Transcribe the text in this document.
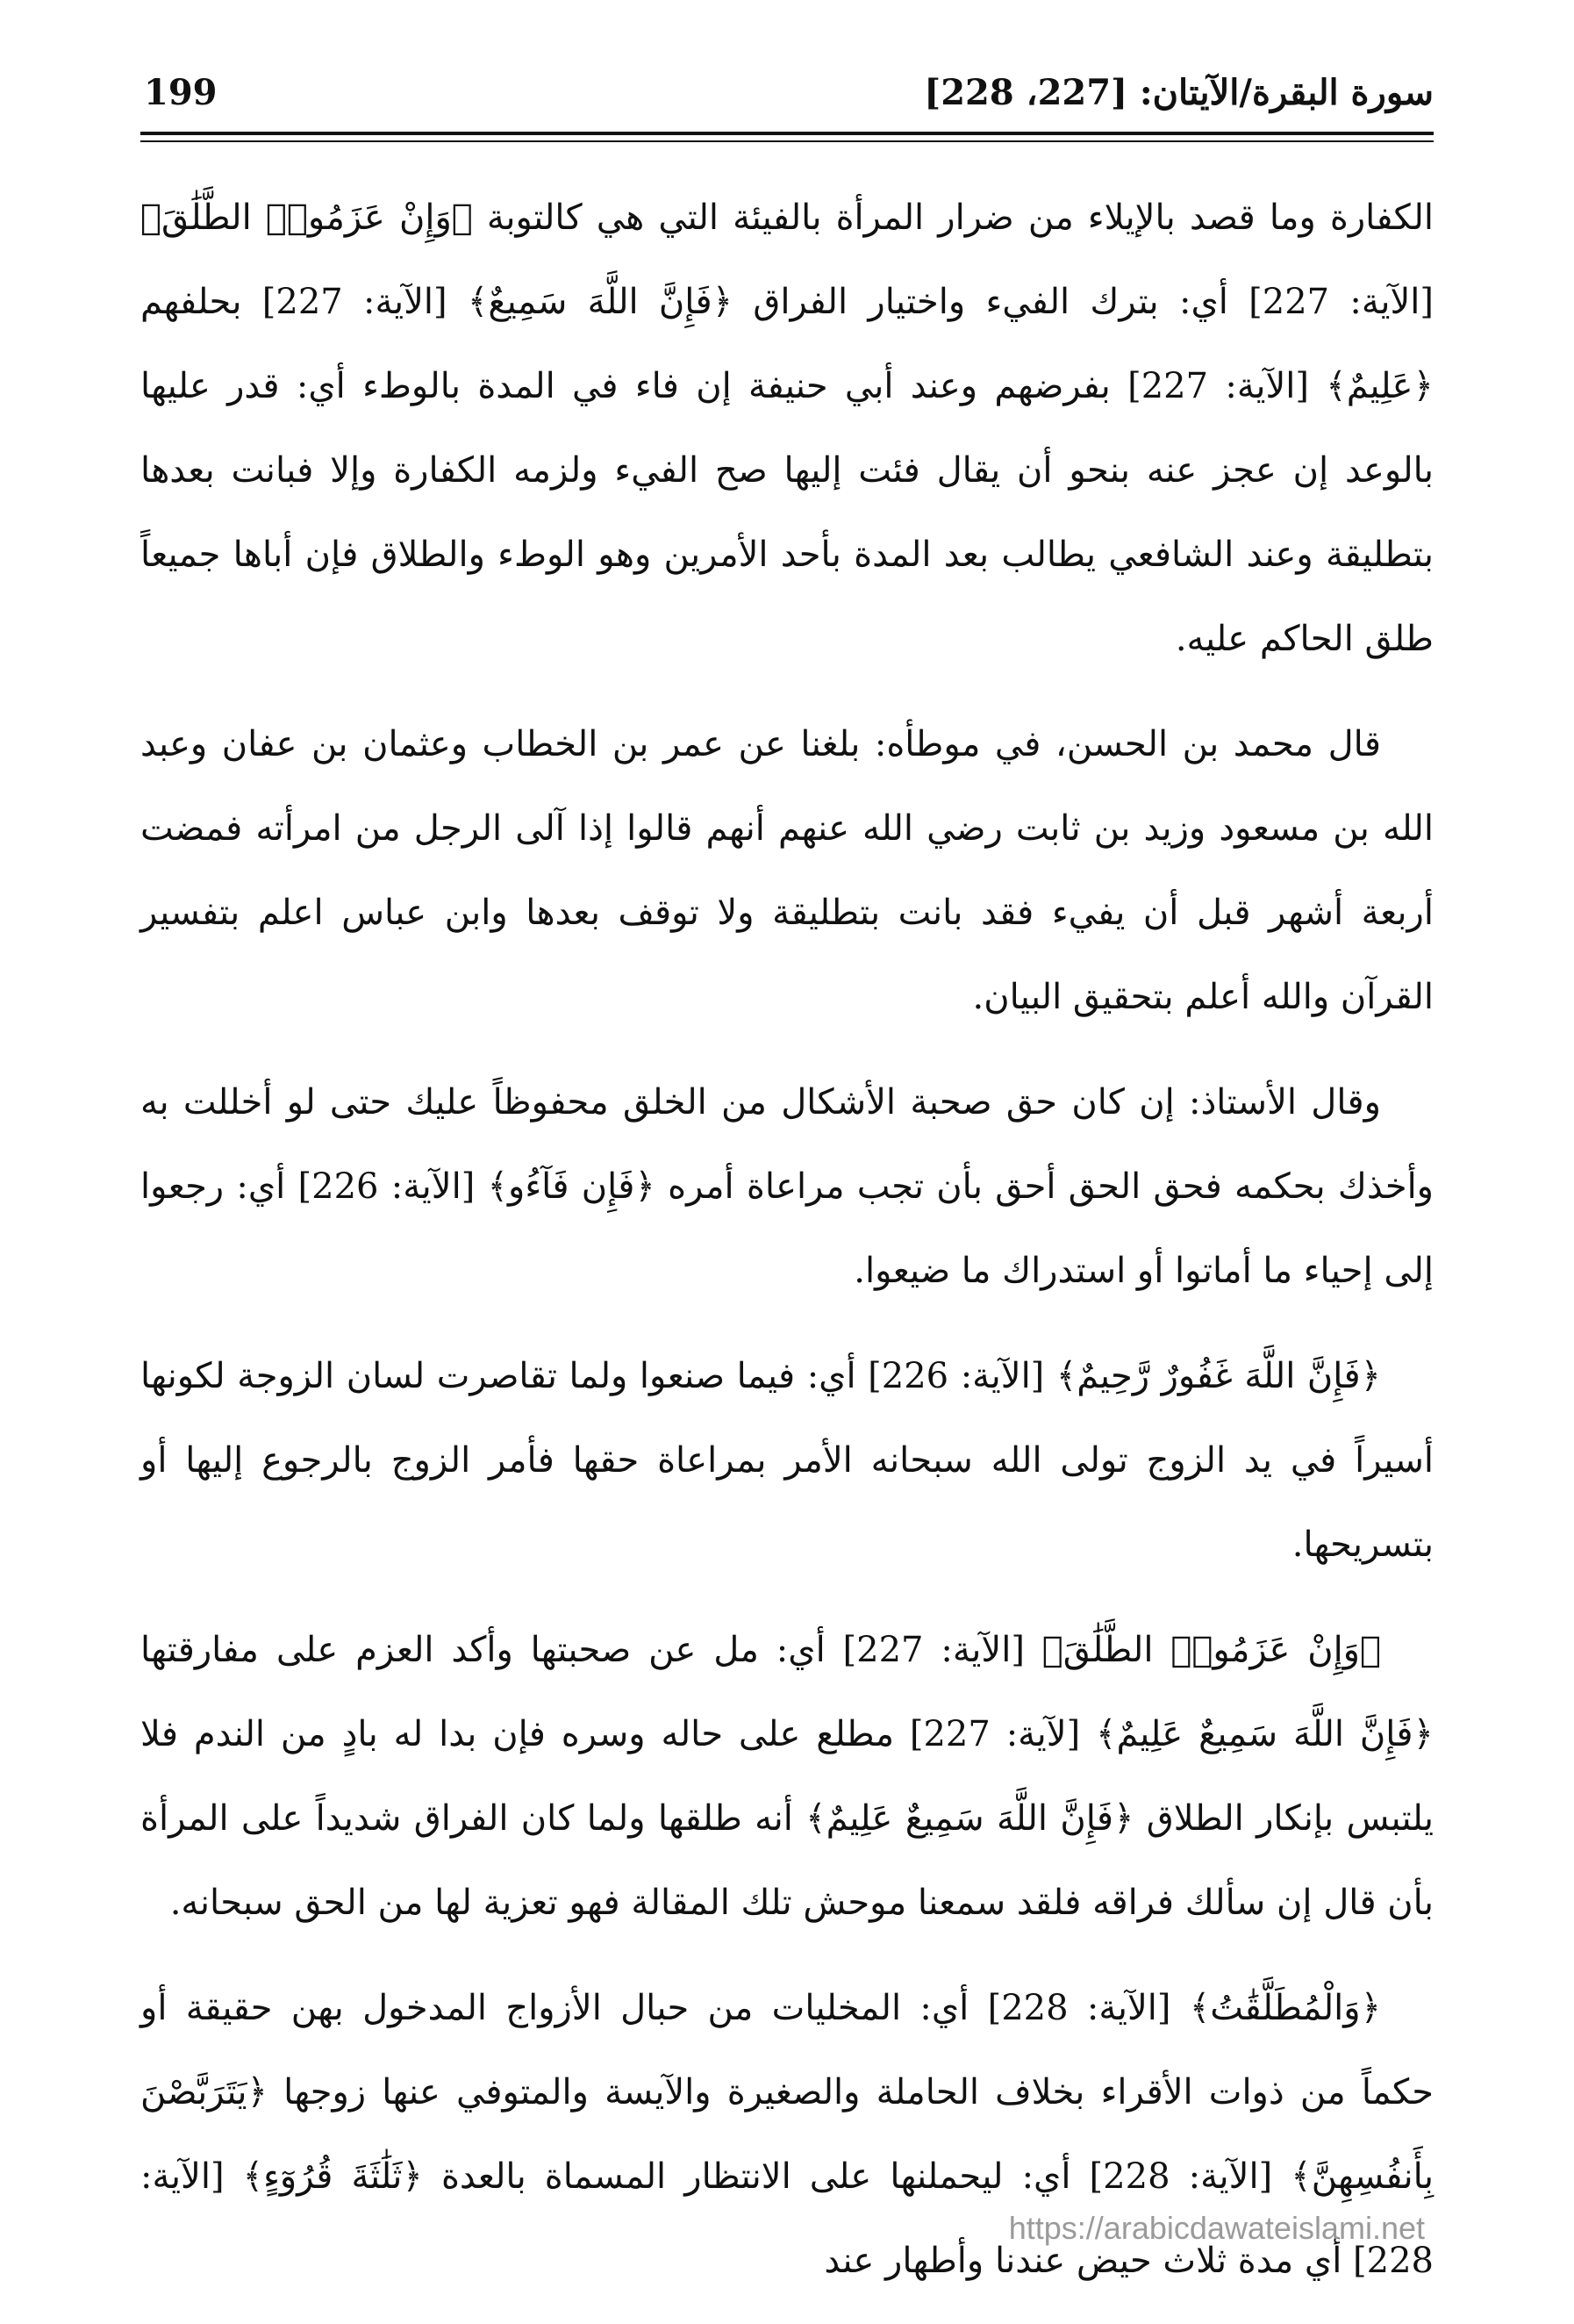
سورة البقرة/الآيتان: [227، 228]
199

الكفارة وما قصد بالإيلاء من ضرار المرأة بالفيئة التي هي كالتوبة ﴿وَإِنْ عَزَمُوا۟ الطَّلَٰقَ﴾ [الآية: 227] أي: بترك الفيء واختيار الفراق ﴿فَإِنَّ اللَّهَ سَمِيعٌ﴾ [الآية: 227] بحلفهم ﴿عَلِيمٌ﴾ [الآية: 227] بفرضهم وعند أبي حنيفة إن فاء في المدة بالوطء أي: قدر عليها بالوعد إن عجز عنه بنحو أن يقال فئت إليها صح الفيء ولزمه الكفارة وإلا فبانت بعدها بتطليقة وعند الشافعي يطالب بعد المدة بأحد الأمرين وهو الوطء والطلاق فإن أباها جميعاً طلق الحاكم عليه.

قال محمد بن الحسن، في موطأه: بلغنا عن عمر بن الخطاب وعثمان بن عفان وعبد الله بن مسعود وزيد بن ثابت رضي الله عنهم أنهم قالوا إذا آلى الرجل من امرأته فمضت أربعة أشهر قبل أن يفيء فقد بانت بتطليقة ولا توقف بعدها وابن عباس اعلم بتفسير القرآن والله أعلم بتحقيق البيان.

وقال الأستاذ: إن كان حق صحبة الأشكال من الخلق محفوظاً عليك حتى لو أخللت به وأخذك بحكمه فحق الحق أحق بأن تجب مراعاة أمره ﴿فَإِن فَآءُو﴾ [الآية: 226] أي: رجعوا إلى إحياء ما أماتوا أو استدراك ما ضيعوا.

﴿فَإِنَّ اللَّهَ غَفُورٌ رَّحِيمٌ﴾ [الآية: 226] أي: فيما صنعوا ولما تقاصرت لسان الزوجة لكونها أسيراً في يد الزوج تولى الله سبحانه الأمر بمراعاة حقها فأمر الزوج بالرجوع إليها أو بتسريحها.

﴿وَإِنْ عَزَمُوا۟ الطَّلَٰقَ﴾ [الآية: 227] أي: مل عن صحبتها وأكد العزم على مفارقتها ﴿فَإِنَّ اللَّهَ سَمِيعٌ عَلِيمٌ﴾ [لآية: 227] مطلع على حاله وسره فإن بدا له بادٍ من الندم فلا يلتبس بإنكار الطلاق ﴿فَإِنَّ اللَّهَ سَمِيعٌ عَلِيمٌ﴾ أنه طلقها ولما كان الفراق شديداً على المرأة بأن قال إن سألك فراقه فلقد سمعنا موحش تلك المقالة فهو تعزية لها من الحق سبحانه.

﴿وَالْمُطَلَّقَٰتُ﴾ [الآية: 228] أي: المخليات من حبال الأزواج المدخول بهن حقيقة أو حكماً من ذوات الأقراء بخلاف الحاملة والصغيرة والآيسة والمتوفي عنها زوجها ﴿يَتَرَبَّصْنَ بِأَنفُسِهِنَّ﴾ [الآية: 228] أي: ليحملنها على الانتظار المسماة بالعدة ﴿ثَلَٰثَةَ قُرُوٓءٍ﴾ [الآية: 228] أي مدة ثلاث حيض عندنا وأطهار عند

https://arabicdawateislami.net
